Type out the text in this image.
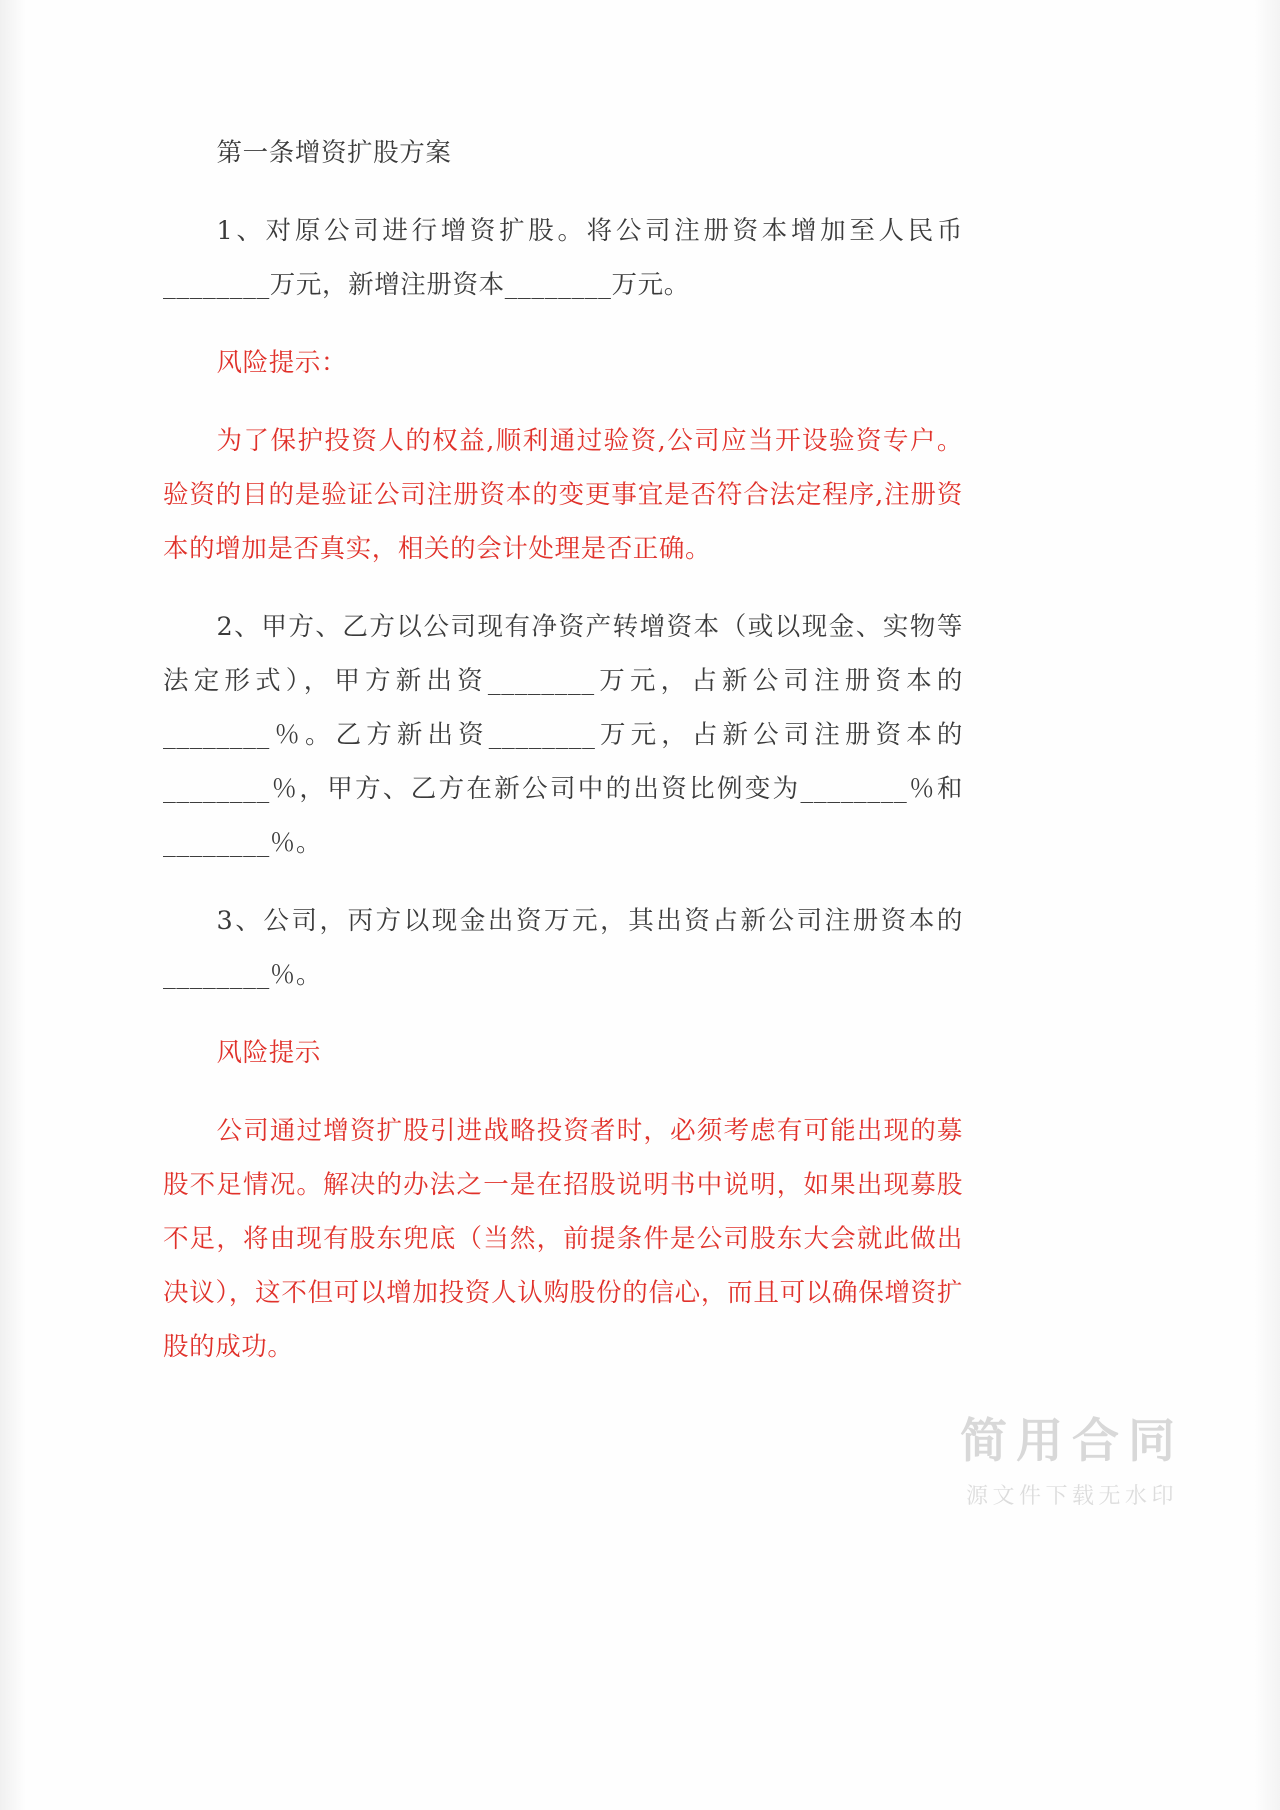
第一条增资扩股方案

1、对原公司进行增资扩股。将公司注册资本增加至人民币________万元，新增注册资本________万元。

风险提示：

为了保护投资人的权益,顺利通过验资,公司应当开设验资专户。验资的目的是验证公司注册资本的变更事宜是否符合法定程序,注册资本的增加是否真实，相关的会计处理是否正确。

2、甲方、乙方以公司现有净资产转增资本（或以现金、实物等法定形式），甲方新出资________万元，占新公司注册资本的________％。乙方新出资________万元，占新公司注册资本的________％，甲方、乙方在新公司中的出资比例变为________％和________％。

3、公司，丙方以现金出资万元，其出资占新公司注册资本的________％。

风险提示

公司通过增资扩股引进战略投资者时，必须考虑有可能出现的募股不足情况。解决的办法之一是在招股说明书中说明，如果出现募股不足，将由现有股东兜底（当然，前提条件是公司股东大会就此做出决议），这不但可以增加投资人认购股份的信心，而且可以确保增资扩股的成功。

简用合同
源文件下载无水印
